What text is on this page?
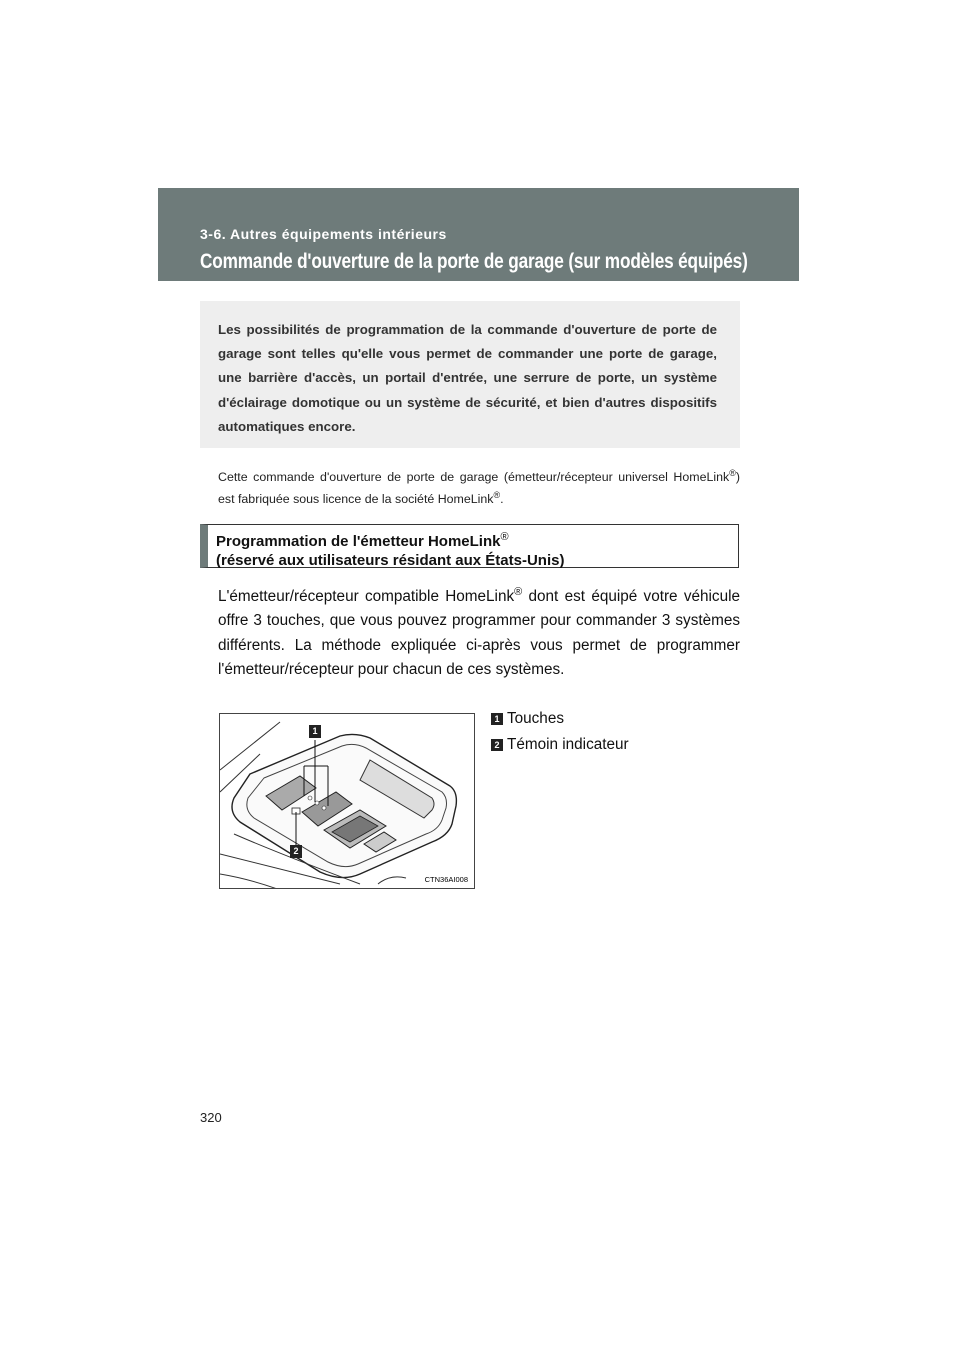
3-6. Autres équipements intérieurs
Commande d'ouverture de la porte de garage (sur modèles équipés)
Les possibilités de programmation de la commande d'ouverture de porte de garage sont telles qu'elle vous permet de commander une porte de garage, une barrière d'accès, un portail d'entrée, une serrure de porte, un système d'éclairage domotique ou un système de sécurité, et bien d'autres dispositifs automatiques encore.
Cette commande d'ouverture de porte de garage (émetteur/récepteur universel HomeLink®) est fabriquée sous licence de la société HomeLink®.
Programmation de l'émetteur HomeLink®
(réservé aux utilisateurs résidant aux États-Unis)
L'émetteur/récepteur compatible HomeLink® dont est équipé votre véhicule offre 3 touches, que vous pouvez programmer pour commander 3 systèmes différents. La méthode expliquée ci-après vous permet de programmer l'émetteur/récepteur pour chacun de ces systèmes.
1
2
CTN36AI008
1 Touches
2 Témoin indicateur
320
